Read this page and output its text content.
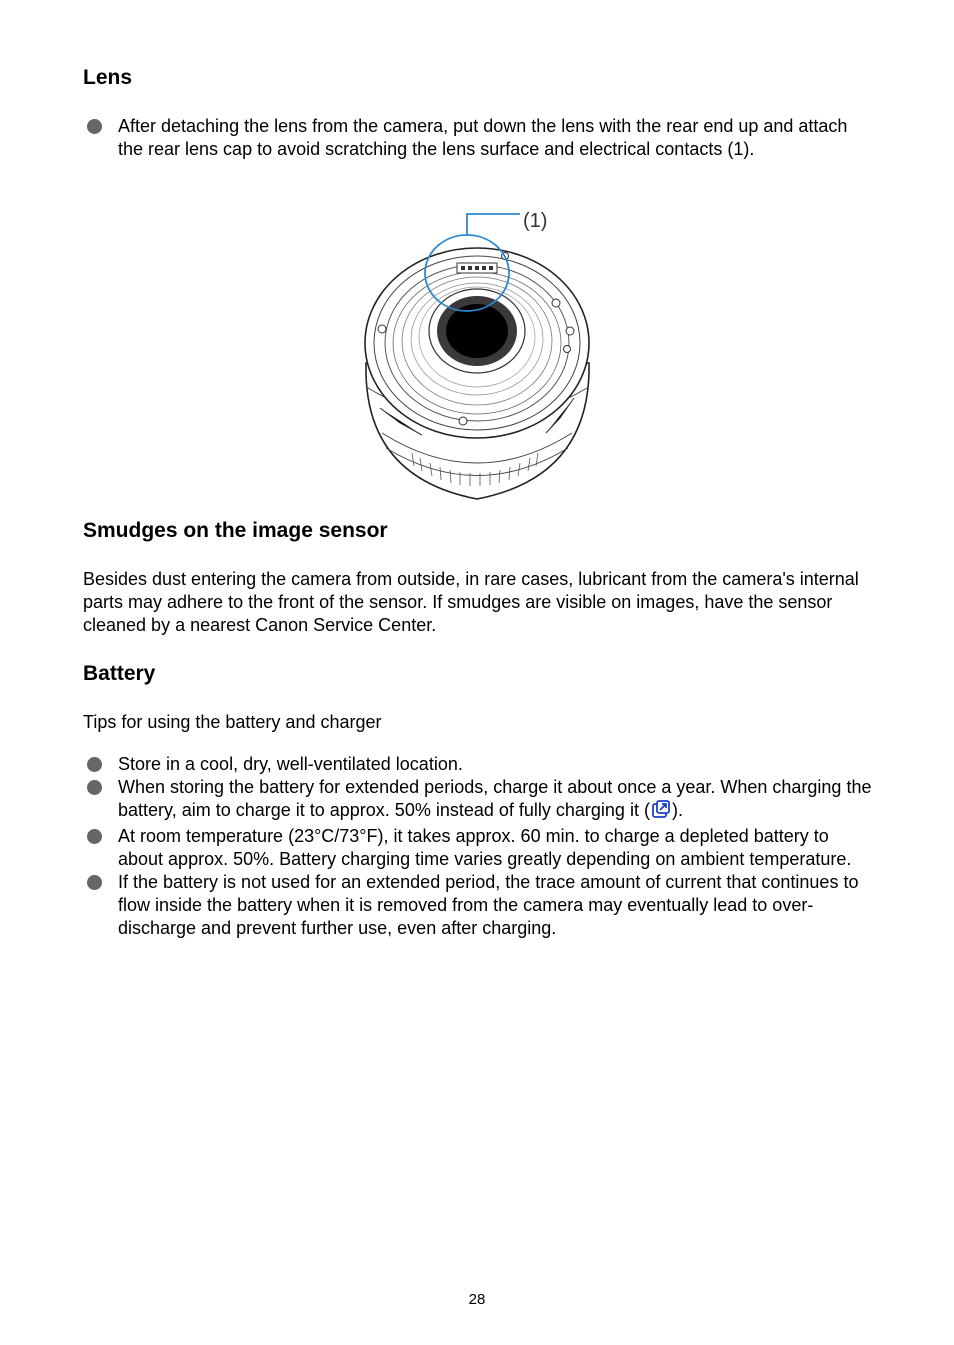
Lens
After detaching the lens from the camera, put down the lens with the rear end up and attach the rear lens cap to avoid scratching the lens surface and electrical contacts (1).
(1)
Smudges on the image sensor

Besides dust entering the camera from outside, in rare cases, lubricant from the camera's internal parts may adhere to the front of the sensor. If smudges are visible on images, have the sensor cleaned by a nearest Canon Service Center.

Battery

Tips for using the battery and charger

Store in a cool, dry, well-ventilated location.
When storing the battery for extended periods, charge it about once a year. When charging the battery, aim to charge it to approx. 50% instead of fully charging it ( ).
At room temperature (23°C/73°F), it takes approx. 60 min. to charge a depleted battery to about approx. 50%. Battery charging time varies greatly depending on ambient temperature.
If the battery is not used for an extended period, the trace amount of current that continues to flow inside the battery when it is removed from the camera may eventually lead to over-discharge and prevent further use, even after charging.
28
